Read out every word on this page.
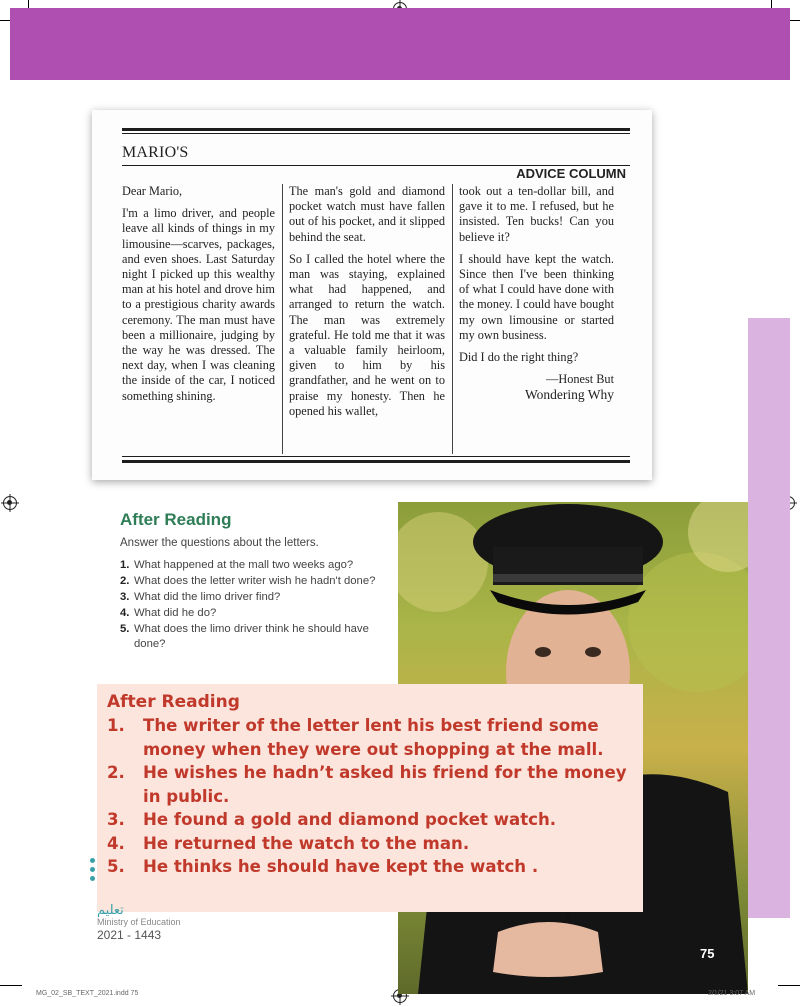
MARIO'S
ADVICE COLUMN

Dear Mario,

I'm a limo driver, and people leave all kinds of things in my limousine—scarves, packages, and even shoes. Last Saturday night I picked up this wealthy man at his hotel and drove him to a prestigious charity awards ceremony. The man must have been a millionaire, judging by the way he was dressed. The next day, when I was cleaning the inside of the car, I noticed something shining.

The man's gold and diamond pocket watch must have fallen out of his pocket, and it slipped behind the seat.

So I called the hotel where the man was staying, explained what had happened, and arranged to return the watch. The man was extremely grateful. He told me that it was a valuable family heirloom, given to him by his grandfather, and he went on to praise my honesty. Then he opened his wallet,

took out a ten-dollar bill, and gave it to me. I refused, but he insisted. Ten bucks! Can you believe it?

I should have kept the watch. Since then I've been thinking of what I could have done with the money. I could have bought my own limousine or started my own business.

Did I do the right thing?

—Honest But
Wondering Why
After Reading
Answer the questions about the letters.
1. What happened at the mall two weeks ago?
2. What does the letter writer wish he hadn't done?
3. What did the limo driver find?
4. What did he do?
5. What does the limo driver think he should have done?
After Reading
1. The writer of the letter lent his best friend some money when they were out shopping at the mall.
2. He wishes he hadn’t asked his friend for the money in public.
3. He found a gold and diamond pocket watch.
4. He returned the watch to the man.
5. He thinks he should have kept the watch .
تعليم
Ministry of Education
2021 - 1443
75
MG_02_SB_TEXT_2021.indd 75	2/1/21 3:07 AM
